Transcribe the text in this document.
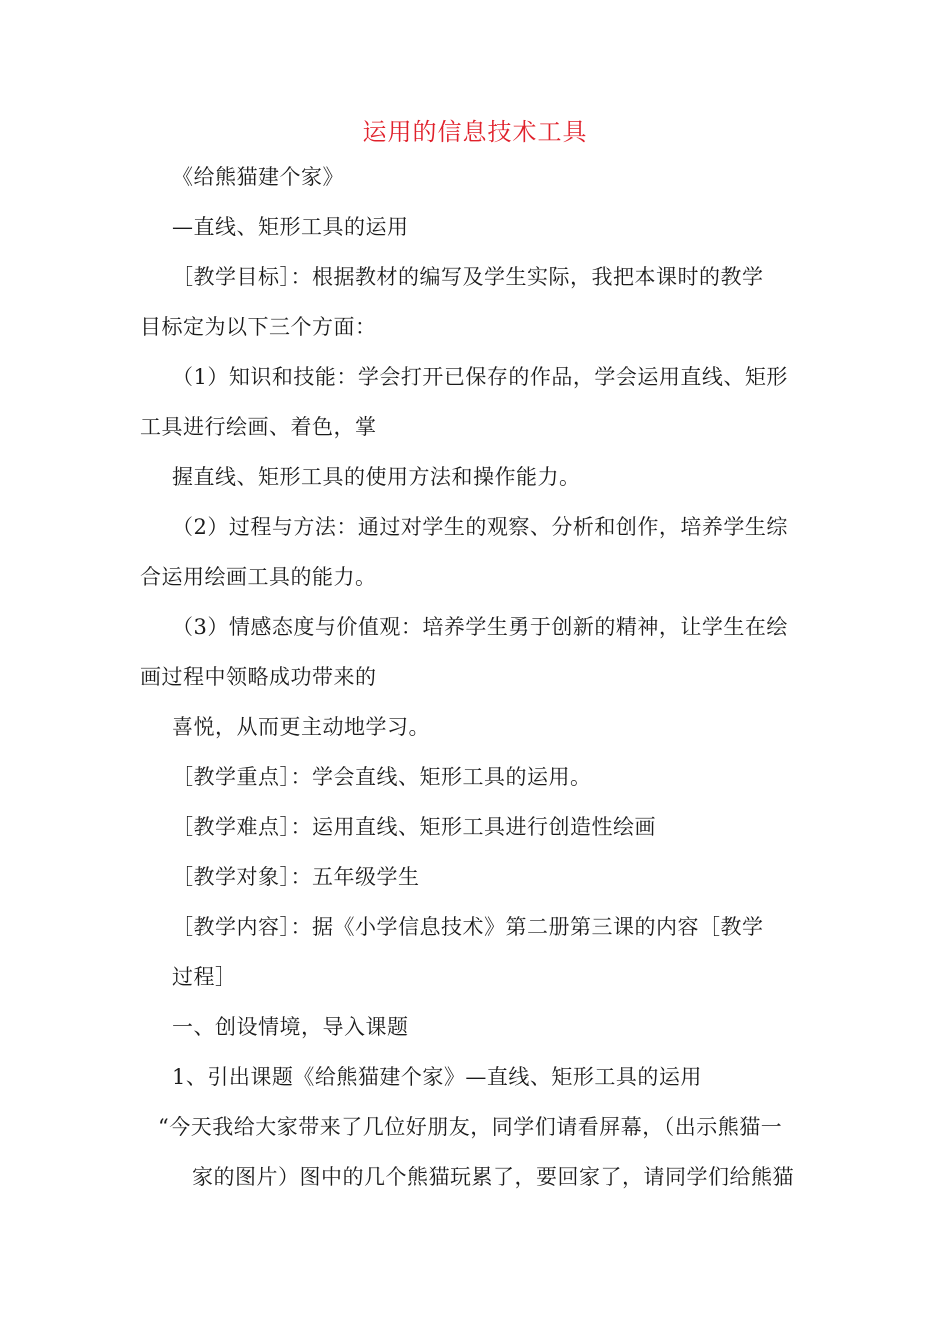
运用的信息技术工具
《给熊猫建个家》
—直线、矩形工具的运用
［教学目标］：根据教材的编写及学生实际，我把本课时的教学
目标定为以下三个方面：
（1）知识和技能：学会打开已保存的作品，学会运用直线、矩形
工具进行绘画、着色，掌
握直线、矩形工具的使用方法和操作能力。
（2）过程与方法：通过对学生的观察、分析和创作，培养学生综
合运用绘画工具的能力。
（3）情感态度与价值观：培养学生勇于创新的精神，让学生在绘
画过程中领略成功带来的
喜悦，从而更主动地学习。
［教学重点］：学会直线、矩形工具的运用。
［教学难点］：运用直线、矩形工具进行创造性绘画
［教学对象］：五年级学生
［教学内容］：据《小学信息技术》第二册第三课的内容［教学
过程］
一、创设情境，导入课题
1、引出课题《给熊猫建个家》—直线、矩形工具的运用
“今天我给大家带来了几位好朋友，同学们请看屏幕，（出示熊猫一
家的图片）图中的几个熊猫玩累了，要回家了，请同学们给熊猫
